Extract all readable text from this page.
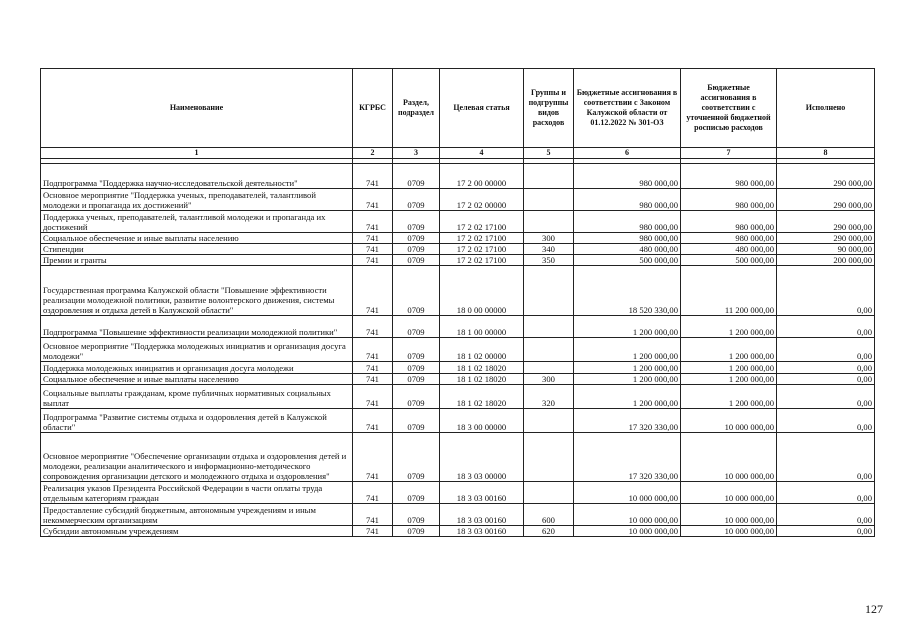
Наименование	КГРБС	Раздел, подраздел	Целевая статья	Группы и подгруппы видов расходов	Бюджетные ассигнования в соответствии с Законом Калужской области от 01.12.2022 № 301-ОЗ	Бюджетные ассигнования в соответствии с уточненной бюджетной росписью расходов	Исполнено
1	2	3	4	5	6	7	8

Подпрограмма "Поддержка научно-исследовательской деятельности"	741	0709	17 2 00 00000		980 000,00	980 000,00	290 000,00
Основное мероприятие "Поддержка ученых, преподавателей, талантливой молодежи и пропаганда их достижений"	741	0709	17 2 02 00000		980 000,00	980 000,00	290 000,00
Поддержка ученых, преподавателей, талантливой молодежи и пропаганда их достижений	741	0709	17 2 02 17100		980 000,00	980 000,00	290 000,00
Социальное обеспечение и иные выплаты населению	741	0709	17 2 02 17100	300	980 000,00	980 000,00	290 000,00
Стипендии	741	0709	17 2 02 17100	340	480 000,00	480 000,00	90 000,00
Премии и гранты	741	0709	17 2 02 17100	350	500 000,00	500 000,00	200 000,00
Государственная программа Калужской области "Повышение эффективности реализации молодежной политики, развитие волонтерского движения, системы оздоровления и отдыха детей в Калужской области"	741	0709	18 0 00 00000		18 520 330,00	11 200 000,00	0,00
Подпрограмма "Повышение эффективности реализации молодежной политики"	741	0709	18 1 00 00000		1 200 000,00	1 200 000,00	0,00
Основное мероприятие "Поддержка молодежных инициатив и организация досуга молодежи"	741	0709	18 1 02 00000		1 200 000,00	1 200 000,00	0,00
Поддержка молодежных инициатив и организация досуга молодежи	741	0709	18 1 02 18020		1 200 000,00	1 200 000,00	0,00
Социальное обеспечение и иные выплаты населению	741	0709	18 1 02 18020	300	1 200 000,00	1 200 000,00	0,00
Социальные выплаты гражданам, кроме публичных нормативных социальных выплат	741	0709	18 1 02 18020	320	1 200 000,00	1 200 000,00	0,00
Подпрограмма "Развитие системы отдыха и оздоровления детей в Калужской области"	741	0709	18 3 00 00000		17 320 330,00	10 000 000,00	0,00
Основное мероприятие "Обеспечение организации отдыха и оздоровления детей и молодежи, реализации аналитического и информационно-методического сопровождения организации детского и молодежного отдыха и оздоровления"	741	0709	18 3 03 00000		17 320 330,00	10 000 000,00	0,00
Реализация указов Президента Российской Федерации в части оплаты труда отдельным категориям граждан	741	0709	18 3 03 00160		10 000 000,00	10 000 000,00	0,00
Предоставление субсидий бюджетным, автономным учреждениям и иным некоммерческим организациям	741	0709	18 3 03 00160	600	10 000 000,00	10 000 000,00	0,00
Субсидии автономным учреждениям	741	0709	18 3 03 00160	620	10 000 000,00	10 000 000,00	0,00
127
